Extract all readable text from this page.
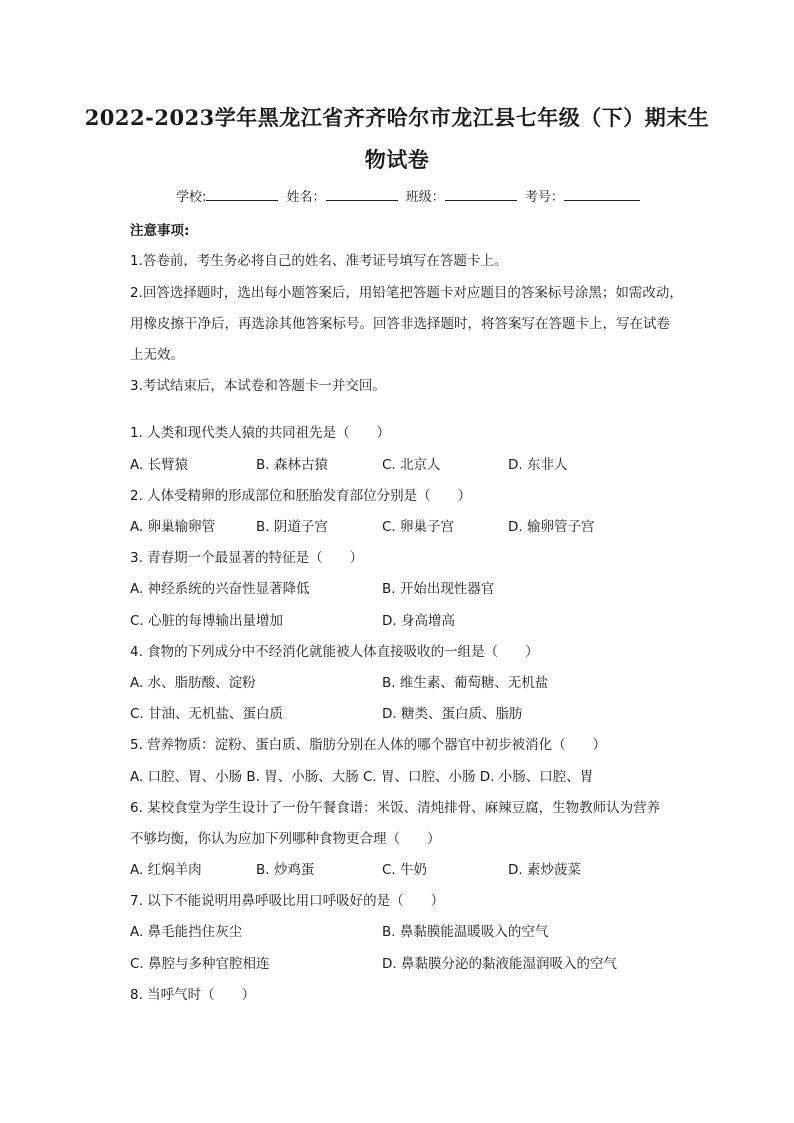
2022-2023学年黑龙江省齐齐哈尔市龙江县七年级（下）期末生
物试卷
学校:	姓名：	班级：	考号：
注意事项:
1.答卷前，考生务必将自己的姓名、准考证号填写在答题卡上。
2.回答选择题时，选出每小题答案后，用铅笔把答题卡对应题目的答案标号涂黑；如需改动，
用橡皮擦干净后，再选涂其他答案标号。回答非选择题时，将答案写在答题卡上，写在试卷
上无效。
3.考试结束后，本试卷和答题卡一并交回。
1. 人类和现代类人猿的共同祖先是（　　）
A. 长臂猿	B. 森林古猿	C. 北京人	D. 东非人
2. 人体受精卵的形成部位和胚胎发育部位分别是（　　）
A. 卵巢输卵管	B. 阴道子宫	C. 卵巢子宫	D. 输卵管子宫
3. 青春期一个最显著的特征是（　　）
A. 神经系统的兴奋性显著降低	B. 开始出现性器官
C. 心脏的每博输出量增加	D. 身高增高
4. 食物的下列成分中不经消化就能被人体直接吸收的一组是（　　）
A. 水、脂肪酸、淀粉	B. 维生素、葡萄糖、无机盐
C. 甘油、无机盐、蛋白质	D. 糖类、蛋白质、脂肪
5. 营养物质：淀粉、蛋白质、脂肪分别在人体的哪个器官中初步被消化（　　）
A. 口腔、胃、小肠 B. 胃、小肠、大肠 C. 胃、口腔、小肠 D. 小肠、口腔、胃
6. 某校食堂为学生设计了一份午餐食谱：米饭、清炖排骨、麻辣豆腐，生物教师认为营养
不够均衡，你认为应加下列哪种食物更合理（　　）
A. 红焖羊肉	B. 炒鸡蛋	C. 牛奶	D. 素炒菠菜
7. 以下不能说明用鼻呼吸比用口呼吸好的是（　　）
A. 鼻毛能挡住灰尘	B. 鼻黏膜能温暖吸入的空气
C. 鼻腔与多种官腔相连	D. 鼻黏膜分泌的黏液能湿润吸入的空气
8. 当呼气时（　　）
